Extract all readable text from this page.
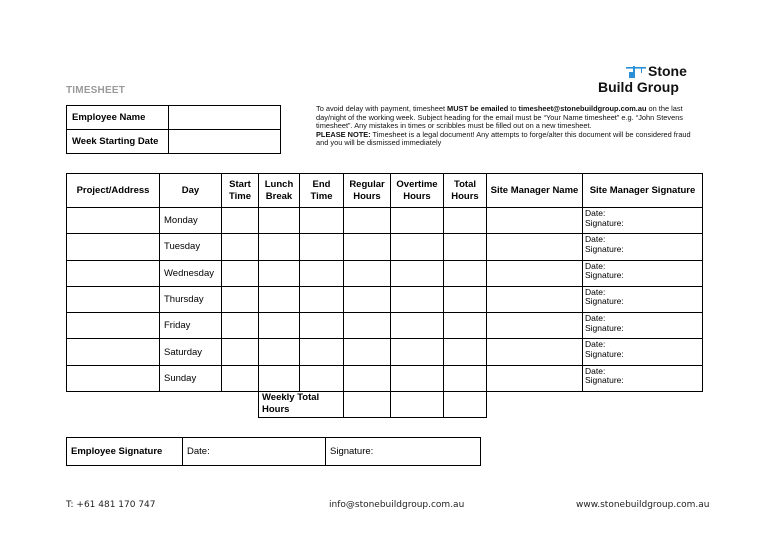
TIMESHEET
Stone
Build Group
Employee Name	
Week Starting Date	
To avoid delay with payment, timesheet MUST be emailed to timesheet@stonebuildgroup.com.au on the last day/night of the working week. Subject heading for the email must be “Your Name timesheet” e.g. “John Stevens timesheet”. Any mistakes in times or scribbles must be filled out on a new timesheet.
PLEASE NOTE: Timesheet is a legal document! Any attempts to forge/alter this document will be considered fraud and you will be dismissed immediately
Project/Address	Day	Start Time	Lunch Break	End Time	Regular Hours	Overtime Hours	Total Hours	Site Manager Name	Site Manager Signature
	Monday								Date:
Signature:

	Tuesday								Date:
Signature:

	Wednesday								Date:
Signature:

	Thursday								Date:
Signature:

	Friday								Date:
Signature:

	Saturday								Date:
Signature:

	Sunday								Date:
Signature:

			Weekly Total Hours						
Employee Signature	Date:	Signature:
T: +61 481 170 747	info@stonebuildgroup.com.au	www.stonebuildgroup.com.au
